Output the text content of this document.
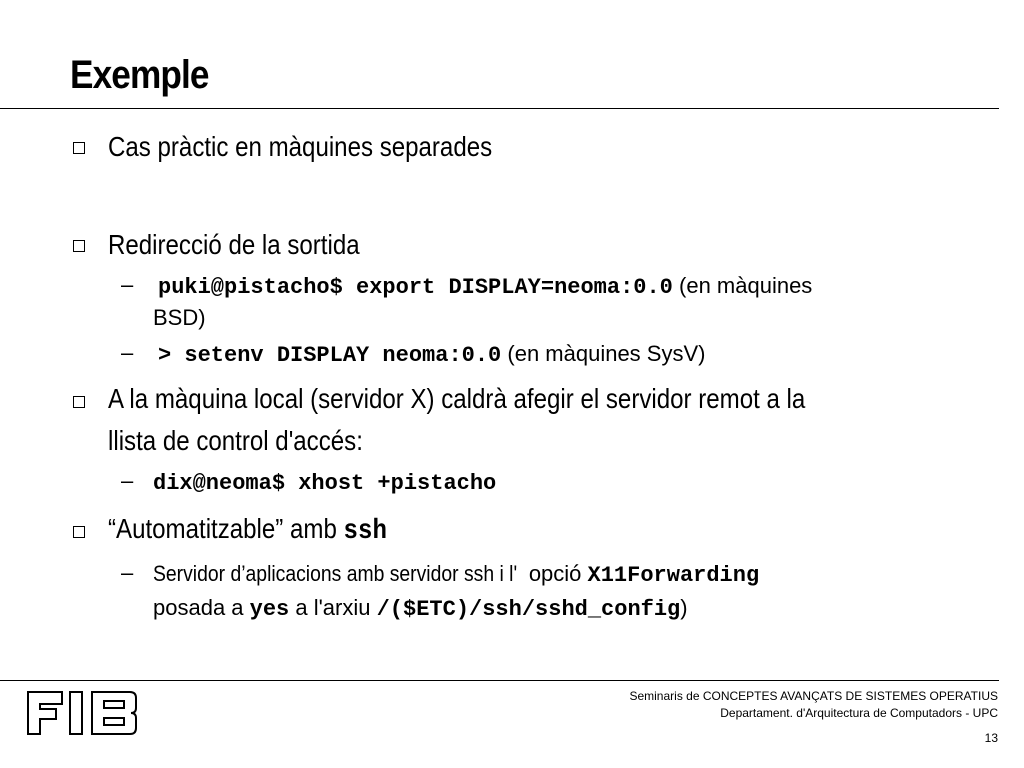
Exemple
Cas pràctic en màquines separades
Redirecció de la sortida
– puki@pistacho$ export DISPLAY=neoma:0.0 (en màquines
BSD)
– > setenv DISPLAY neoma:0.0 (en màquines SysV)
A la màquina local (servidor X) caldrà afegir el servidor remot a la
llista de control d'accés:
– dix@neoma$ xhost +pistacho
“Automatitzable” amb ssh
– Servidor d’aplicacions amb servidor ssh i l' opció X11Forwarding
posada a yes a l'arxiu /($ETC)/ssh/sshd_config)
Seminaris de CONCEPTES AVANÇATS DE SISTEMES OPERATIUS
Departament. d'Arquitectura de Computadors - UPC
13
